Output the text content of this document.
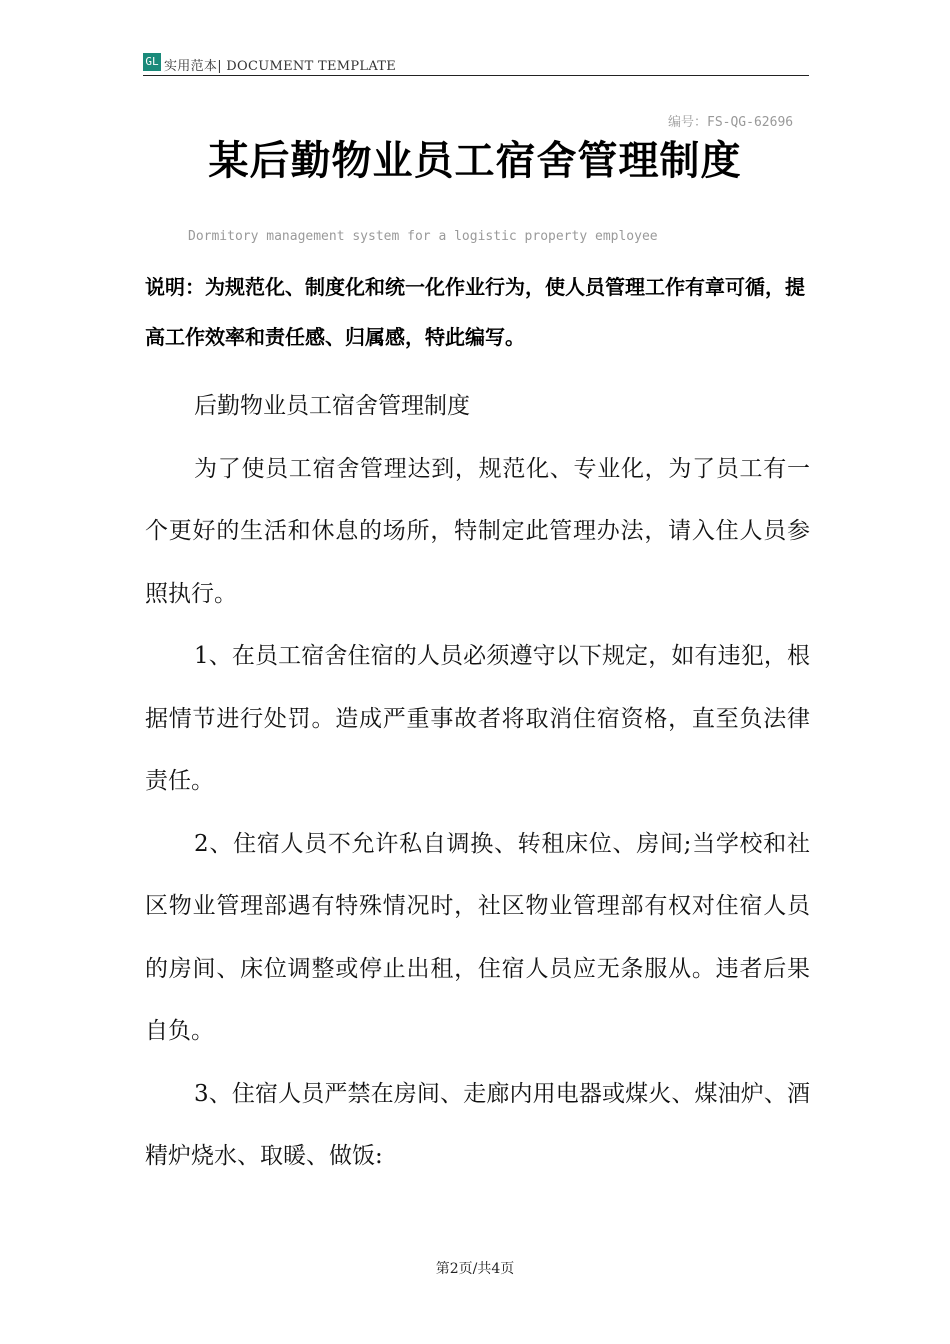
GL 实用范本| DOCUMENT TEMPLATE
编号：FS-QG-62696
某后勤物业员工宿舍管理制度
Dormitory management system for a logistic property employee

说明：为规范化、制度化和统一化作业行为，使人员管理工作有章可循，提高工作效率和责任感、归属感，特此编写。

后勤物业员工宿舍管理制度

为了使员工宿舍管理达到，规范化、专业化，为了员工有一个更好的生活和休息的场所，特制定此管理办法，请入住人员参照执行。

1、在员工宿舍住宿的人员必须遵守以下规定，如有违犯，根据情节进行处罚。造成严重事故者将取消住宿资格，直至负法律责任。

2、住宿人员不允许私自调换、转租床位、房间;当学校和社区物业管理部遇有特殊情况时，社区物业管理部有权对住宿人员的房间、床位调整或停止出租，住宿人员应无条服从。违者后果自负。

3、住宿人员严禁在房间、走廊内用电器或煤火、煤油炉、酒精炉烧水、取暖、做饭:

第2页/共4页
